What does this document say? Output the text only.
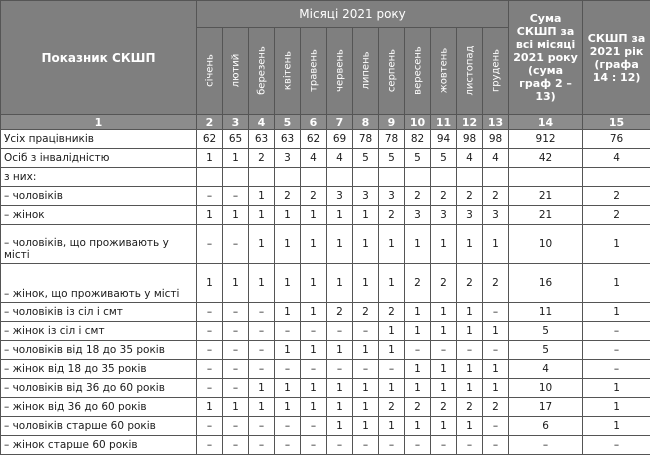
Показник СКШП	Місяці 2021 року												Сума СКШП за всі місяці 2021 року (сума граф 2 – 13)	СКШП за 2021 рік (графа 14 : 12)

	січень	лютий	березень	квітень	травень	червень	липень	серпень	вересень	жовтень	листопад	грудень		

1	2	3	4	5	6	7	8	9	10	11	12	13	14	15
Усіх працівників	62	65	63	63	62	69	78	78	82	94	98	98	912	76
Осіб з інвалідністю	1	1	2	3	4	4	5	5	5	5	4	4	42	4
з них:														
– чоловіків	–	–	1	2	2	3	3	3	2	2	2	2	21	2
– жінок	1	1	1	1	1	1	1	2	3	3	3	3	21	2
– чоловіків, що проживають у місті	–	–	1	1	1	1	1	1	1	1	1	1	10	1
– жінок, що проживають у місті	1	1	1	1	1	1	1	1	2	2	2	2	16	1
– чоловіків із сіл і смт	–	–	–	1	1	2	2	2	1	1	1	–	11	1
– жінок із сіл і смт	–	–	–	–	–	–	–	1	1	1	1	1	5	–
– чоловіків від 18 до 35 років	–	–	–	1	1	1	1	1	–	–	–	–	5	–
– жінок від 18 до 35 років	–	–	–	–	–	–	–	–	1	1	1	1	4	–
– чоловіків від 36 до 60 років	–	–	1	1	1	1	1	1	1	1	1	1	10	1
– жінок від 36 до 60 років	1	1	1	1	1	1	1	2	2	2	2	2	17	1
– чоловіків старше 60 років	–	–	–	–	–	1	1	1	1	1	1	–	6	1
– жінок старше 60 років	–	–	–	–	–	–	–	–	–	–	–	–	–	–
